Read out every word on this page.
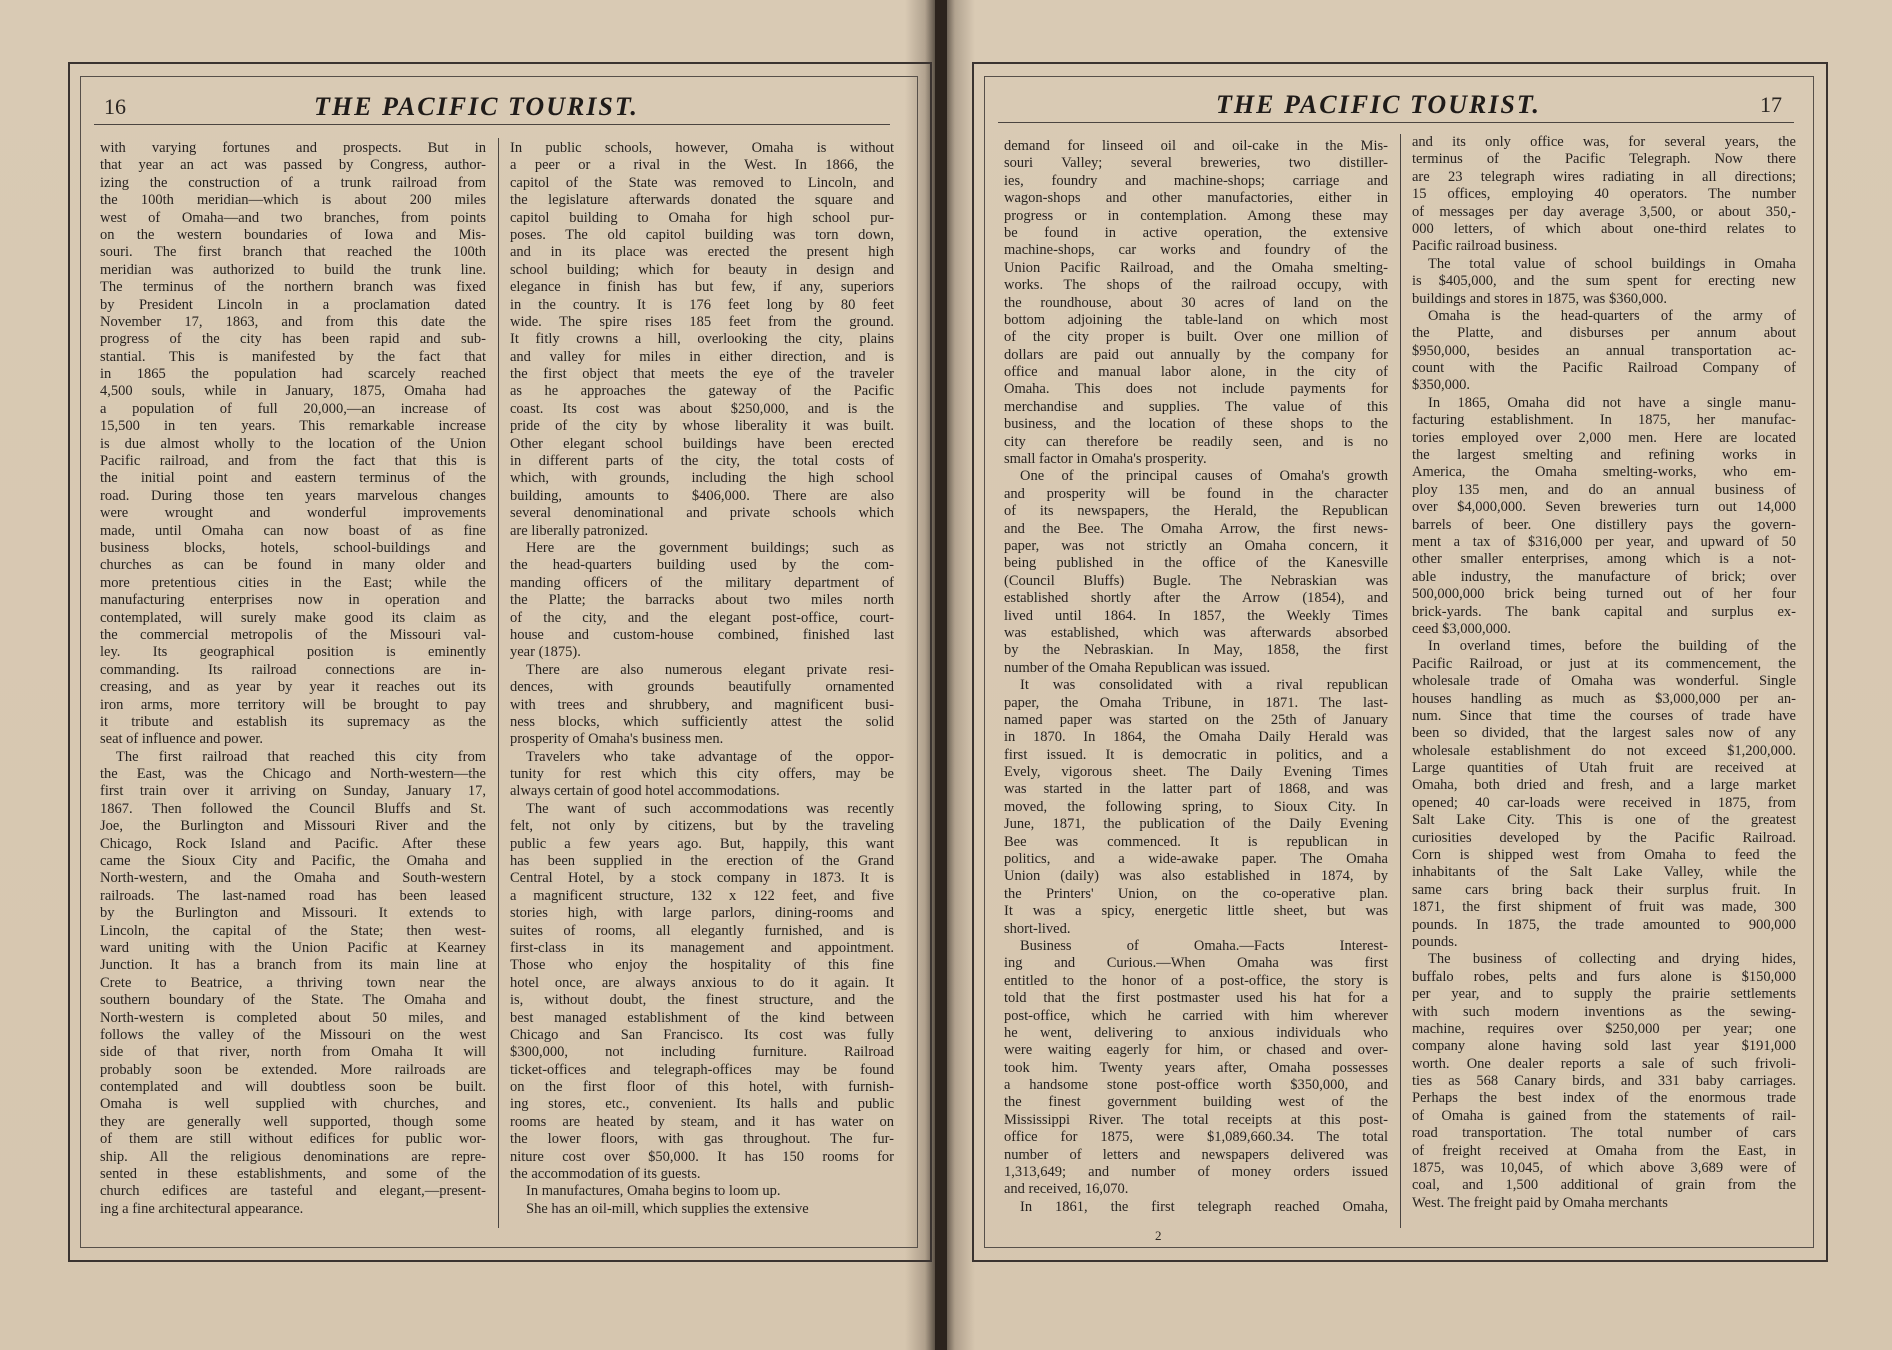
16	THE PACIFIC TOURIST.
with varying fortunes and prospects. But in
that year an act was passed by Congress, author-
izing the construction of a trunk railroad from
the 100th meridian—which is about 200 miles
west of Omaha—and two branches, from points
on the western boundaries of Iowa and Mis-
souri. The first branch that reached the 100th
meridian was authorized to build the trunk line.
The terminus of the northern branch was fixed
by President Lincoln in a proclamation dated
November 17, 1863, and from this date the
progress of the city has been rapid and sub-
stantial. This is manifested by the fact that
in 1865 the population had scarcely reached
4,500 souls, while in January, 1875, Omaha had
a population of full 20,000,—an increase of
15,500 in ten years. This remarkable increase
is due almost wholly to the location of the Union
Pacific railroad, and from the fact that this is
the initial point and eastern terminus of the
road. During those ten years marvelous changes
were wrought and wonderful improvements
made, until Omaha can now boast of as fine
business blocks, hotels, school-buildings and
churches as can be found in many older and
more pretentious cities in the East; while the
manufacturing enterprises now in operation and
contemplated, will surely make good its claim as
the commercial metropolis of the Missouri val-
ley. Its geographical position is eminently
commanding. Its railroad connections are in-
creasing, and as year by year it reaches out its
iron arms, more territory will be brought to pay
it tribute and establish its supremacy as the
seat of influence and power.
The first railroad that reached this city from
the East, was the Chicago and North-western—the
first train over it arriving on Sunday, January 17,
1867. Then followed the Council Bluffs and St.
Joe, the Burlington and Missouri River and the
Chicago, Rock Island and Pacific. After these
came the Sioux City and Pacific, the Omaha and
North-western, and the Omaha and South-western
railroads. The last-named road has been leased
by the Burlington and Missouri. It extends to
Lincoln, the capital of the State; then west-
ward uniting with the Union Pacific at Kearney
Junction. It has a branch from its main line at
Crete to Beatrice, a thriving town near the
southern boundary of the State. The Omaha and
North-western is completed about 50 miles, and
follows the valley of the Missouri on the west
side of that river, north from Omaha It will
probably soon be extended. More railroads are
contemplated and will doubtless soon be built.
Omaha is well supplied with churches, and
they are generally well supported, though some
of them are still without edifices for public wor-
ship. All the religious denominations are repre-
sented in these establishments, and some of the
church edifices are tasteful and elegant,—present-
ing a fine architectural appearance.
In public schools, however, Omaha is without
a peer or a rival in the West. In 1866, the
capitol of the State was removed to Lincoln, and
the legislature afterwards donated the square and
capitol building to Omaha for high school pur-
poses. The old capitol building was torn down,
and in its place was erected the present high
school building; which for beauty in design and
elegance in finish has but few, if any, superiors
in the country. It is 176 feet long by 80 feet
wide. The spire rises 185 feet from the ground.
It fitly crowns a hill, overlooking the city, plains
and valley for miles in either direction, and is
the first object that meets the eye of the traveler
as he approaches the gateway of the Pacific
coast. Its cost was about $250,000, and is the
pride of the city by whose liberality it was built.
Other elegant school buildings have been erected
in different parts of the city, the total costs of
which, with grounds, including the high school
building, amounts to $406,000. There are also
several denominational and private schools which
are liberally patronized.
Here are the government buildings; such as
the head-quarters building used by the com-
manding officers of the military department of
the Platte; the barracks about two miles north
of the city, and the elegant post-office, court-
house and custom-house combined, finished last
year (1875).
There are also numerous elegant private resi-
dences, with grounds beautifully ornamented
with trees and shrubbery, and magnificent busi-
ness blocks, which sufficiently attest the solid
prosperity of Omaha's business men.
Travelers who take advantage of the oppor-
tunity for rest which this city offers, may be
always certain of good hotel accommodations.
The want of such accommodations was recently
felt, not only by citizens, but by the traveling
public a few years ago. But, happily, this want
has been supplied in the erection of the Grand
Central Hotel, by a stock company in 1873. It is
a magnificent structure, 132 x 122 feet, and five
stories high, with large parlors, dining-rooms and
suites of rooms, all elegantly furnished, and is
first-class in its management and appointment.
Those who enjoy the hospitality of this fine
hotel once, are always anxious to do it again. It
is, without doubt, the finest structure, and the
best managed establishment of the kind between
Chicago and San Francisco. Its cost was fully
$300,000, not including furniture. Railroad
ticket-offices and telegraph-offices may be found
on the first floor of this hotel, with furnish-
ing stores, etc., convenient. Its halls and public
rooms are heated by steam, and it has water on
the lower floors, with gas throughout. The fur-
niture cost over $50,000. It has 150 rooms for
the accommodation of its guests.
In manufactures, Omaha begins to loom up.
She has an oil-mill, which supplies the extensive
THE PACIFIC TOURIST.	17
demand for linseed oil and oil-cake in the Mis-
souri Valley; several breweries, two distiller-
ies, foundry and machine-shops; carriage and
wagon-shops and other manufactories, either in
progress or in contemplation. Among these may
be found in active operation, the extensive
machine-shops, car works and foundry of the
Union Pacific Railroad, and the Omaha smelting-
works. The shops of the railroad occupy, with
the roundhouse, about 30 acres of land on the
bottom adjoining the table-land on which most
of the city proper is built. Over one million of
dollars are paid out annually by the company for
office and manual labor alone, in the city of
Omaha. This does not include payments for
merchandise and supplies. The value of this
business, and the location of these shops to the
city can therefore be readily seen, and is no
small factor in Omaha's prosperity.
One of the principal causes of Omaha's growth
and prosperity will be found in the character
of its newspapers, the Herald, the Republican
and the Bee. The Omaha Arrow, the first news-
paper, was not strictly an Omaha concern, it
being published in the office of the Kanesville
(Council Bluffs) Bugle. The Nebraskian was
established shortly after the Arrow (1854), and
lived until 1864. In 1857, the Weekly Times
was established, which was afterwards absorbed
by the Nebraskian. In May, 1858, the first
number of the Omaha Republican was issued.
It was consolidated with a rival republican
paper, the Omaha Tribune, in 1871. The last-
named paper was started on the 25th of January
in 1870. In 1864, the Omaha Daily Herald was
first issued. It is democratic in politics, and a
Evely, vigorous sheet. The Daily Evening Times
was started in the latter part of 1868, and was
moved, the following spring, to Sioux City. In
June, 1871, the publication of the Daily Evening
Bee was commenced. It is republican in
politics, and a wide-awake paper. The Omaha
Union (daily) was also established in 1874, by
the Printers' Union, on the co-operative plan.
It was a spicy, energetic little sheet, but was
short-lived.
Business of Omaha.—Facts Interest-
ing and Curious.—When Omaha was first
entitled to the honor of a post-office, the story is
told that the first postmaster used his hat for a
post-office, which he carried with him wherever
he went, delivering to anxious individuals who
were waiting eagerly for him, or chased and over-
took him. Twenty years after, Omaha possesses
a handsome stone post-office worth $350,000, and
the finest government building west of the
Mississippi River. The total receipts at this post-
office for 1875, were $1,089,660.34. The total
number of letters and newspapers delivered was
1,313,649; and number of money orders issued
and received, 16,070.
In 1861, the first telegraph reached Omaha,
and its only office was, for several years, the
terminus of the Pacific Telegraph. Now there
are 23 telegraph wires radiating in all directions;
15 offices, employing 40 operators. The number
of messages per day average 3,500, or about 350,-
000 letters, of which about one-third relates to
Pacific railroad business.
The total value of school buildings in Omaha
is $405,000, and the sum spent for erecting new
buildings and stores in 1875, was $360,000.
Omaha is the head-quarters of the army of
the Platte, and disburses per annum about
$950,000, besides an annual transportation ac-
count with the Pacific Railroad Company of
$350,000.
In 1865, Omaha did not have a single manu-
facturing establishment. In 1875, her manufac-
tories employed over 2,000 men. Here are located
the largest smelting and refining works in
America, the Omaha smelting-works, who em-
ploy 135 men, and do an annual business of
over $4,000,000. Seven breweries turn out 14,000
barrels of beer. One distillery pays the govern-
ment a tax of $316,000 per year, and upward of 50
other smaller enterprises, among which is a not-
able industry, the manufacture of brick; over
500,000,000 brick being turned out of her four
brick-yards. The bank capital and surplus ex-
ceed $3,000,000.
In overland times, before the building of the
Pacific Railroad, or just at its commencement, the
wholesale trade of Omaha was wonderful. Single
houses handling as much as $3,000,000 per an-
num. Since that time the courses of trade have
been so divided, that the largest sales now of any
wholesale establishment do not exceed $1,200,000.
Large quantities of Utah fruit are received at
Omaha, both dried and fresh, and a large market
opened; 40 car-loads were received in 1875, from
Salt Lake City. This is one of the greatest
curiosities developed by the Pacific Railroad.
Corn is shipped west from Omaha to feed the
inhabitants of the Salt Lake Valley, while the
same cars bring back their surplus fruit. In
1871, the first shipment of fruit was made, 300
pounds. In 1875, the trade amounted to 900,000
pounds.
The business of collecting and drying hides,
buffalo robes, pelts and furs alone is $150,000
per year, and to supply the prairie settlements
with such modern inventions as the sewing-
machine, requires over $250,000 per year; one
company alone having sold last year $191,000
worth. One dealer reports a sale of such frivoli-
ties as 568 Canary birds, and 331 baby carriages.
Perhaps the best index of the enormous trade
of Omaha is gained from the statements of rail-
road transportation. The total number of cars
of freight received at Omaha from the East, in
1875, was 10,045, of which above 3,689 were of
coal, and 1,500 additional of grain from the
West. The freight paid by Omaha merchants
2
